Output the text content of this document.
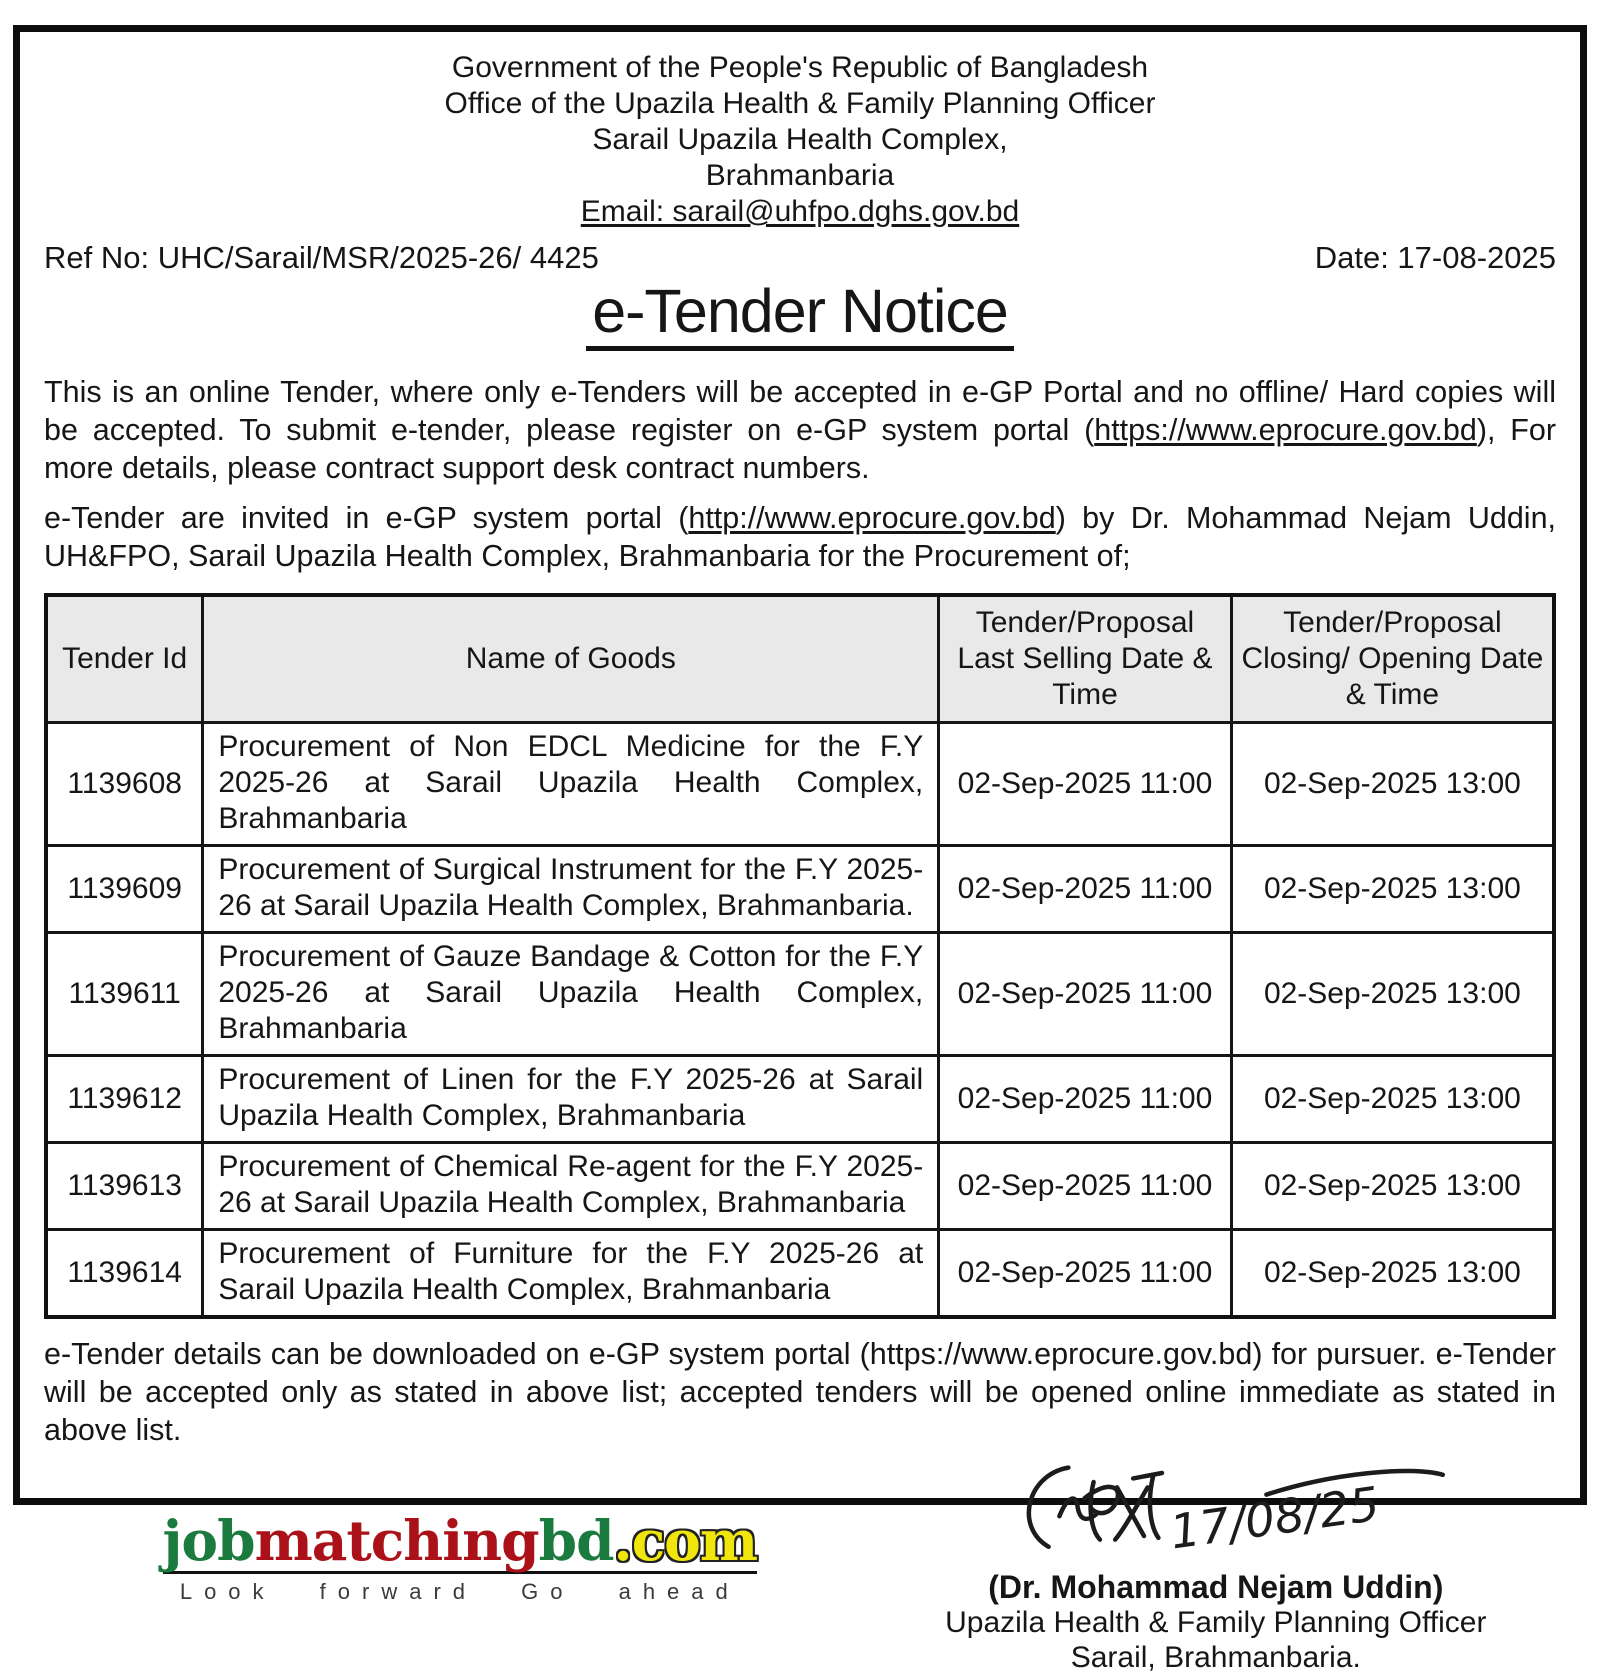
Government of the People's Republic of Bangladesh
Office of the Upazila Health & Family Planning Officer
Sarail Upazila Health Complex,
Brahmanbaria
Email: sarail@uhfpo.dghs.gov.bd
Ref No: UHC/Sarail/MSR/2025-26/ 4425	Date: 17-08-2025
e-Tender Notice
This is an online Tender, where only e-Tenders will be accepted in e-GP Portal and no offline/ Hard copies will be accepted. To submit e-tender, please register on e-GP system portal (https://www.eprocure.gov.bd), For more details, please contract support desk contract numbers.
e-Tender are invited in e-GP system portal (http://www.eprocure.gov.bd) by Dr. Mohammad Nejam Uddin, UH&FPO, Sarail Upazila Health Complex, Brahmanbaria for the Procurement of;
Tender Id	Name of Goods	Tender/Proposal Last Selling Date & Time	Tender/Proposal Closing/ Opening Date & Time
1139608	Procurement of Non EDCL Medicine for the F.Y 2025-26 at Sarail Upazila Health Complex, Brahmanbaria	02-Sep-2025 11:00	02-Sep-2025 13:00
1139609	Procurement of Surgical Instrument for the F.Y 2025-26 at Sarail Upazila Health Complex, Brahmanbaria.	02-Sep-2025 11:00	02-Sep-2025 13:00
1139611	Procurement of Gauze Bandage & Cotton for the F.Y 2025-26 at Sarail Upazila Health Complex, Brahmanbaria	02-Sep-2025 11:00	02-Sep-2025 13:00
1139612	Procurement of Linen for the F.Y 2025-26 at Sarail Upazila Health Complex, Brahmanbaria	02-Sep-2025 11:00	02-Sep-2025 13:00
1139613	Procurement of Chemical Re-agent for the F.Y 2025-26 at Sarail Upazila Health Complex, Brahmanbaria	02-Sep-2025 11:00	02-Sep-2025 13:00
1139614	Procurement of Furniture for the F.Y 2025-26 at Sarail Upazila Health Complex, Brahmanbaria	02-Sep-2025 11:00	02-Sep-2025 13:00
e-Tender details can be downloaded on e-GP system portal (https://www.eprocure.gov.bd) for pursuer. e-Tender will be accepted only as stated in above list; accepted tenders will be opened online immediate as stated in above list.
jobmatchingbd.com
Look forward Go ahead
17/08/25
(Dr. Mohammad Nejam Uddin)
Upazila Health & Family Planning Officer
Sarail, Brahmanbaria.
